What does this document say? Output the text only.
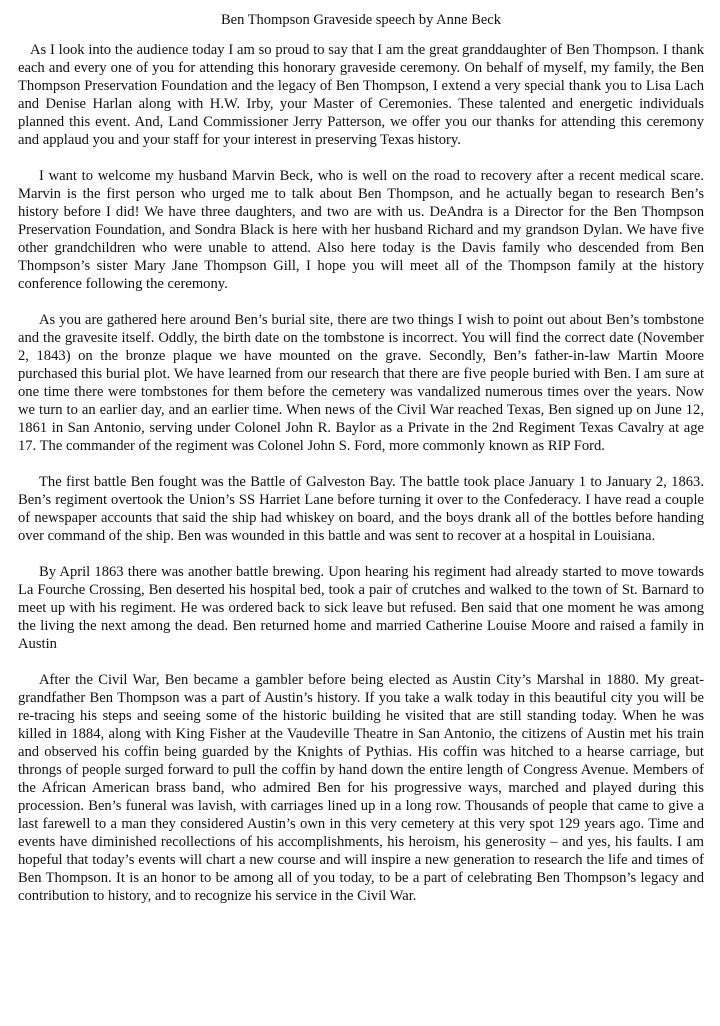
Ben Thompson Graveside speech by Anne Beck

As I look into the audience today I am so proud to say that I am the great granddaughter of Ben Thompson. I thank each and every one of you for attending this honorary graveside ceremony. On behalf of myself, my family, the Ben Thompson Preservation Foundation and the legacy of Ben Thompson, I extend a very special thank you to Lisa Lach and Denise Harlan along with H.W. Irby, your Master of Ceremonies. These talented and energetic individuals planned this event. And, Land Commissioner Jerry Patterson, we offer you our thanks for attending this ceremony and applaud you and your staff for your interest in preserving Texas history.

I want to welcome my husband Marvin Beck, who is well on the road to recovery after a recent medical scare. Marvin is the first person who urged me to talk about Ben Thompson, and he actually began to research Ben’s history before I did! We have three daughters, and two are with us. DeAndra is a Director for the Ben Thompson Preservation Foundation, and Sondra Black is here with her husband Richard and my grandson Dylan. We have five other grandchildren who were unable to attend. Also here today is the Davis family who descended from Ben Thompson’s sister Mary Jane Thompson Gill, I hope you will meet all of the Thompson family at the history conference following the ceremony.

As you are gathered here around Ben’s burial site, there are two things I wish to point out about Ben’s tombstone and the gravesite itself. Oddly, the birth date on the tombstone is incorrect. You will find the correct date (November 2, 1843) on the bronze plaque we have mounted on the grave. Secondly, Ben’s father-in-law Martin Moore purchased this burial plot. We have learned from our research that there are five people buried with Ben. I am sure at one time there were tombstones for them before the cemetery was vandalized numerous times over the years. Now we turn to an earlier day, and an earlier time. When news of the Civil War reached Texas, Ben signed up on June 12, 1861 in San Antonio, serving under Colonel John R. Baylor as a Private in the 2nd Regiment Texas Cavalry at age 17. The commander of the regiment was Colonel John S. Ford, more commonly known as RIP Ford.

The first battle Ben fought was the Battle of Galveston Bay. The battle took place January 1 to January 2, 1863. Ben’s regiment overtook the Union’s SS Harriet Lane before turning it over to the Confederacy. I have read a couple of newspaper accounts that said the ship had whiskey on board, and the boys drank all of the bottles before handing over command of the ship. Ben was wounded in this battle and was sent to recover at a hospital in Louisiana.

By April 1863 there was another battle brewing. Upon hearing his regiment had already started to move towards La Fourche Crossing, Ben deserted his hospital bed, took a pair of crutches and walked to the town of St. Barnard to meet up with his regiment. He was ordered back to sick leave but refused. Ben said that one moment he was among the living the next among the dead. Ben returned home and married Catherine Louise Moore and raised a family in Austin

After the Civil War, Ben became a gambler before being elected as Austin City’s Marshal in 1880. My great-grandfather Ben Thompson was a part of Austin’s history. If you take a walk today in this beautiful city you will be re-tracing his steps and seeing some of the historic building he visited that are still standing today. When he was killed in 1884, along with King Fisher at the Vaudeville Theatre in San Antonio, the citizens of Austin met his train and observed his coffin being guarded by the Knights of Pythias. His coffin was hitched to a hearse carriage, but throngs of people surged forward to pull the coffin by hand down the entire length of Congress Avenue. Members of the African American brass band, who admired Ben for his progressive ways, marched and played during this procession. Ben’s funeral was lavish, with carriages lined up in a long row. Thousands of people that came to give a last farewell to a man they considered Austin’s own in this very cemetery at this very spot 129 years ago. Time and events have diminished recollections of his accomplishments, his heroism, his generosity – and yes, his faults. I am hopeful that today’s events will chart a new course and will inspire a new generation to research the life and times of Ben Thompson. It is an honor to be among all of you today, to be a part of celebrating Ben Thompson’s legacy and contribution to history, and to recognize his service in the Civil War.
